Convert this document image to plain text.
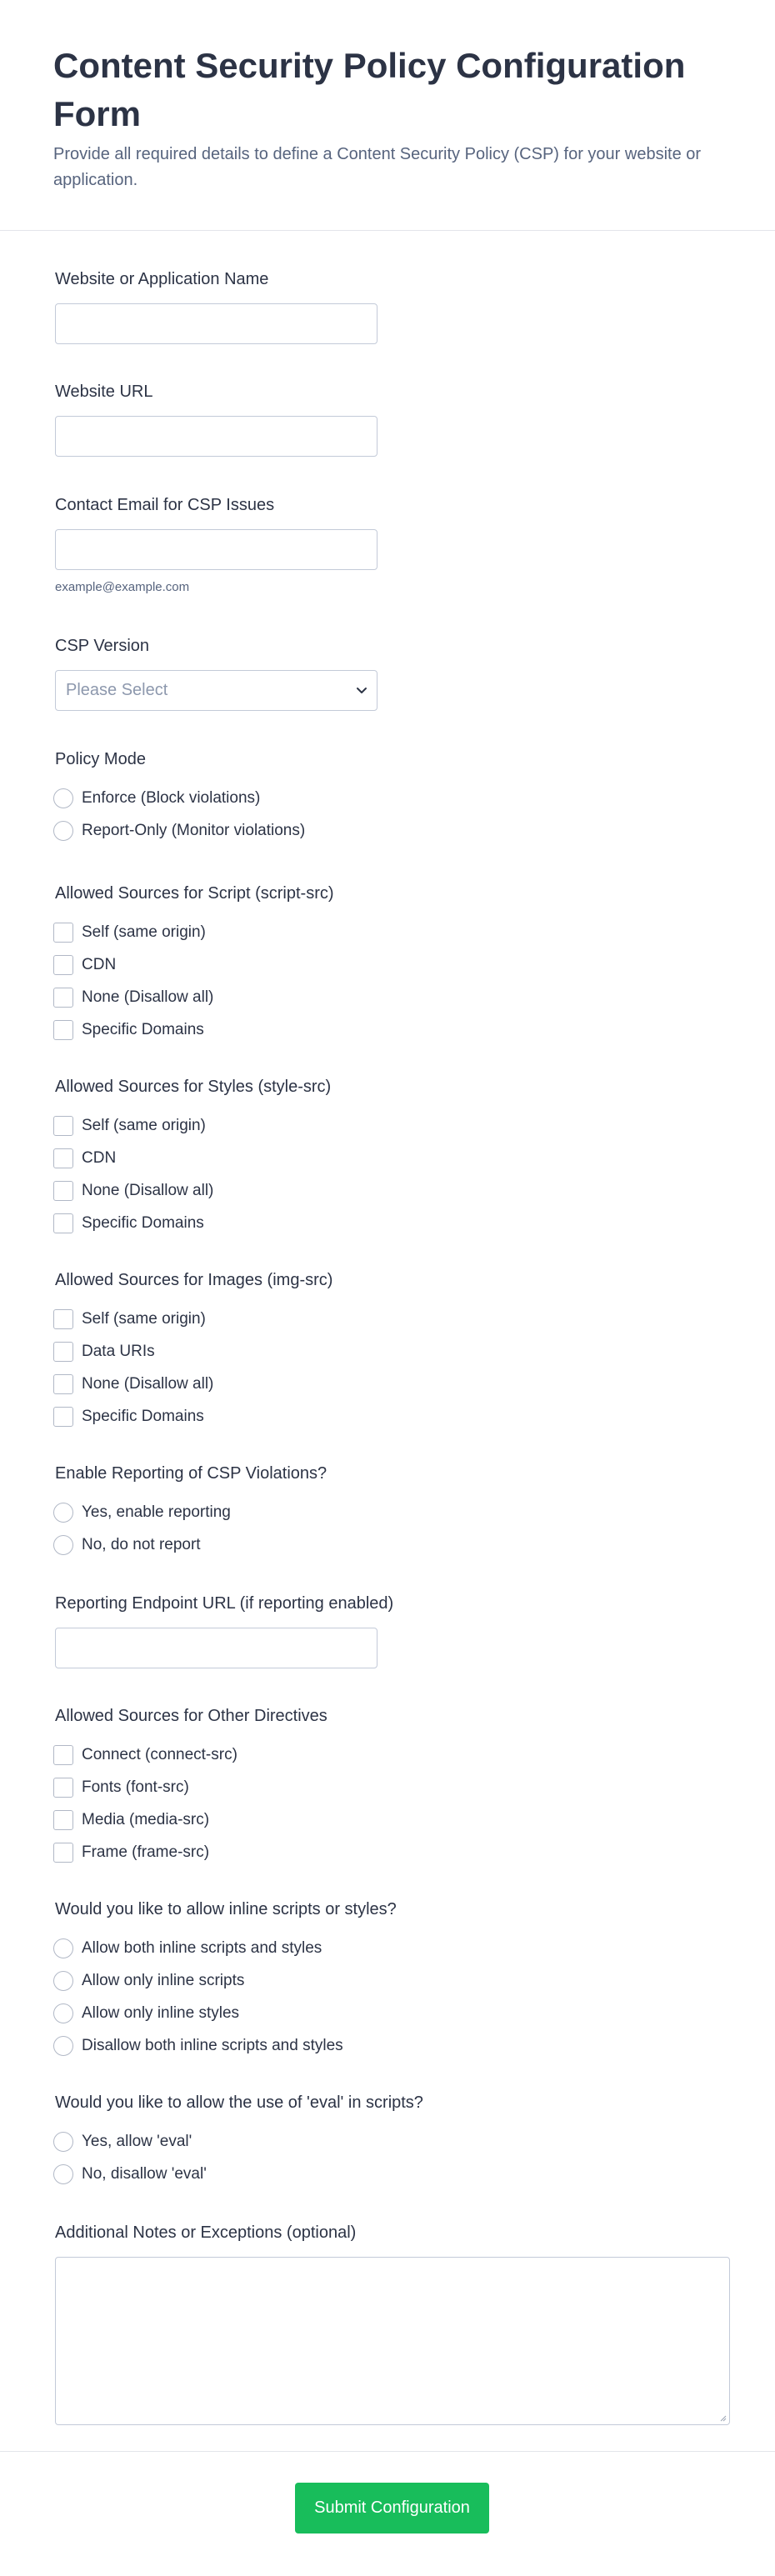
Content Security Policy Configuration Form

Provide all required details to define a Content Security Policy (CSP) for your website or application.

Website or Application Name
Website URL
Contact Email for CSP Issues
example@example.com
CSP Version
Please Select
Policy Mode
Enforce (Block violations)
Report-Only (Monitor violations)
Allowed Sources for Script (script-src)
Self (same origin)
CDN
None (Disallow all)
Specific Domains
Allowed Sources for Styles (style-src)
Self (same origin)
CDN
None (Disallow all)
Specific Domains
Allowed Sources for Images (img-src)
Self (same origin)
Data URIs
None (Disallow all)
Specific Domains
Enable Reporting of CSP Violations?
Yes, enable reporting
No, do not report
Reporting Endpoint URL (if reporting enabled)
Allowed Sources for Other Directives
Connect (connect-src)
Fonts (font-src)
Media (media-src)
Frame (frame-src)
Would you like to allow inline scripts or styles?
Allow both inline scripts and styles
Allow only inline scripts
Allow only inline styles
Disallow both inline scripts and styles
Would you like to allow the use of 'eval' in scripts?
Yes, allow 'eval'
No, disallow 'eval'
Additional Notes or Exceptions (optional)
Submit Configuration
